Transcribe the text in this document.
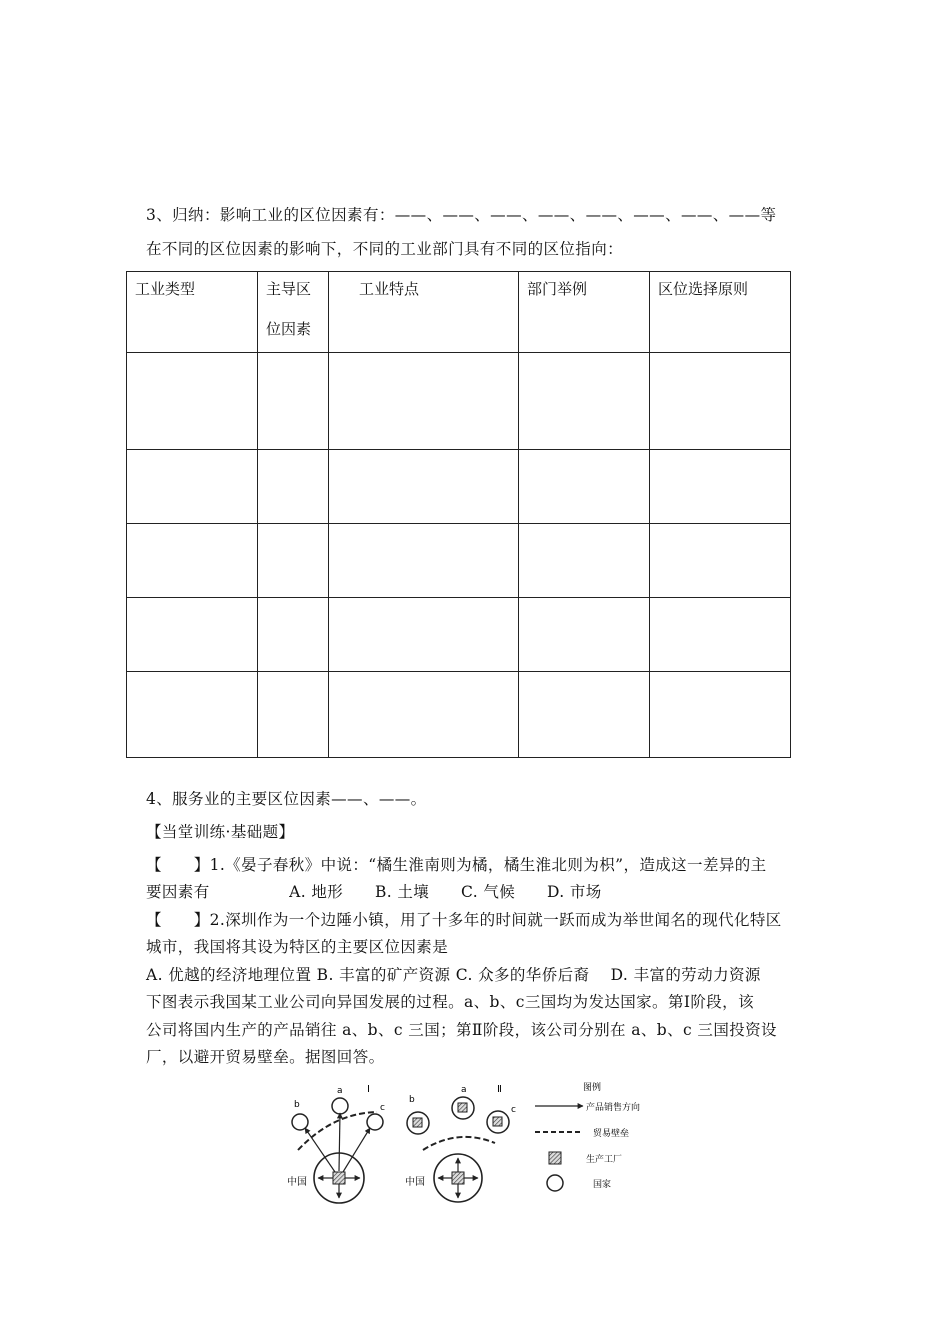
3、归纳：影响工业的区位因素有：——、——、——、——、——、——、——、——等
在不同的区位因素的影响下，不同的工业部门具有不同的区位指向：
工业类型	主导区
位因素	工业特点	部门举例	区位选择原则

4、服务业的主要区位因素——、——。
【当堂训练·基础题】
【　　】1.《晏子春秋》中说：“橘生淮南则为橘，橘生淮北则为枳”，造成这一差异的主
要因素有　　　　　A. 地形　　B. 土壤　　C. 气候　　D. 市场
【　　】2.深圳作为一个边陲小镇，用了十多年的时间就一跃而成为举世闻名的现代化特区
城市，我国将其设为特区的主要区位因素是
A. 优越的经济地理位置 B. 丰富的矿产资源 C. 众多的华侨后裔　 D. 丰富的劳动力资源
下图表示我国某工业公司向异国发展的过程。a、b、c三国均为发达国家。第Ⅰ阶段，该
公司将国内生产的产品销往 a、b、c 三国；第Ⅱ阶段，该公司分别在 a、b、c 三国投资设
厂，以避开贸易壁垒。据图回答。
b
a
c
Ⅰ
中国
b
a
c
Ⅱ
中国
图例
产品销售方向
贸易壁垒
生产工厂
国家
